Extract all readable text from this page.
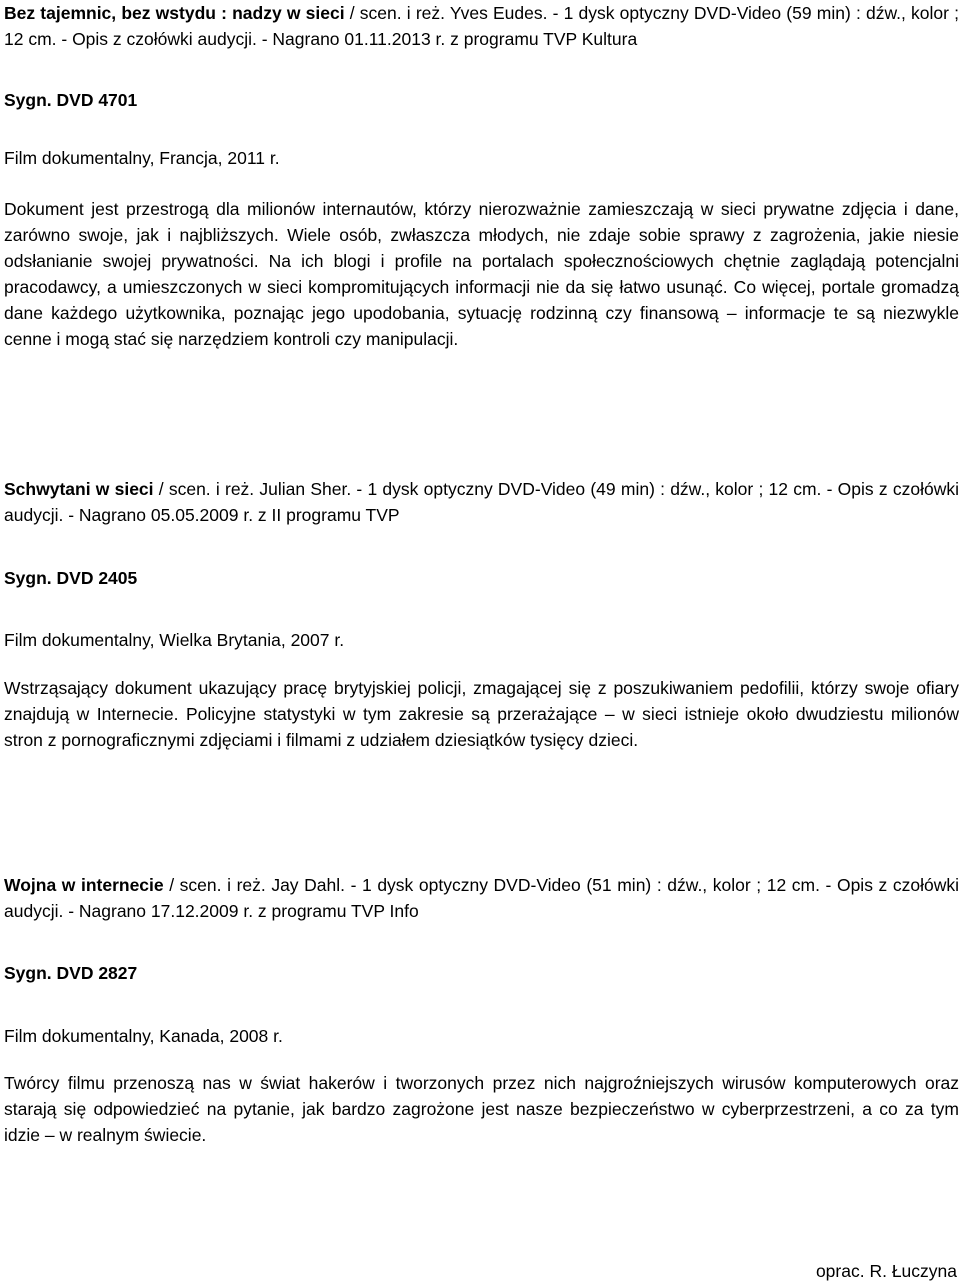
Bez tajemnic, bez wstydu : nadzy w sieci / scen. i reż. Yves Eudes. - 1 dysk optyczny DVD-Video (59 min) : dźw., kolor ; 12 cm. - Opis z czołówki audycji. - Nagrano 01.11.2013 r. z programu TVP Kultura

Sygn. DVD 4701

Film dokumentalny, Francja, 2011 r.

Dokument jest przestrogą dla milionów internautów, którzy nierozważnie zamieszczają w sieci prywatne zdjęcia i dane, zarówno swoje, jak i najbliższych. Wiele osób, zwłaszcza młodych, nie zdaje sobie sprawy z zagrożenia, jakie niesie odsłanianie swojej prywatności. Na ich blogi i profile na portalach społecznościowych chętnie zaglądają potencjalni pracodawcy, a umieszczonych w sieci kompromitujących informacji nie da się łatwo usunąć. Co więcej, portale gromadzą dane każdego użytkownika, poznając jego upodobania, sytuację rodzinną czy finansową – informacje te są niezwykle cenne i mogą stać się narzędziem kontroli czy manipulacji.

Schwytani w sieci / scen. i reż. Julian Sher. - 1 dysk optyczny DVD-Video (49 min) : dźw., kolor ; 12 cm. - Opis z czołówki audycji. - Nagrano 05.05.2009 r. z II programu TVP

Sygn. DVD 2405

Film dokumentalny, Wielka Brytania, 2007 r.

Wstrząsający dokument ukazujący pracę brytyjskiej policji, zmagającej się z poszukiwaniem pedofilii, którzy swoje ofiary znajdują w Internecie. Policyjne statystyki w tym zakresie są przerażające – w sieci istnieje około dwudziestu milionów stron z pornograficznymi zdjęciami i filmami z udziałem dziesiątków tysięcy dzieci.

Wojna w internecie / scen. i reż. Jay Dahl. - 1 dysk optyczny DVD-Video (51 min) : dźw., kolor ; 12 cm. - Opis z czołówki audycji. - Nagrano 17.12.2009 r. z programu TVP Info

Sygn. DVD 2827

Film dokumentalny, Kanada, 2008 r.

Twórcy filmu przenoszą nas w świat hakerów i tworzonych przez nich najgroźniejszych wirusów komputerowych oraz starają się odpowiedzieć na pytanie, jak bardzo zagrożone jest nasze bezpieczeństwo w cyberprzestrzeni, a co za tym idzie – w realnym świecie.

oprac. R. Łuczyna
